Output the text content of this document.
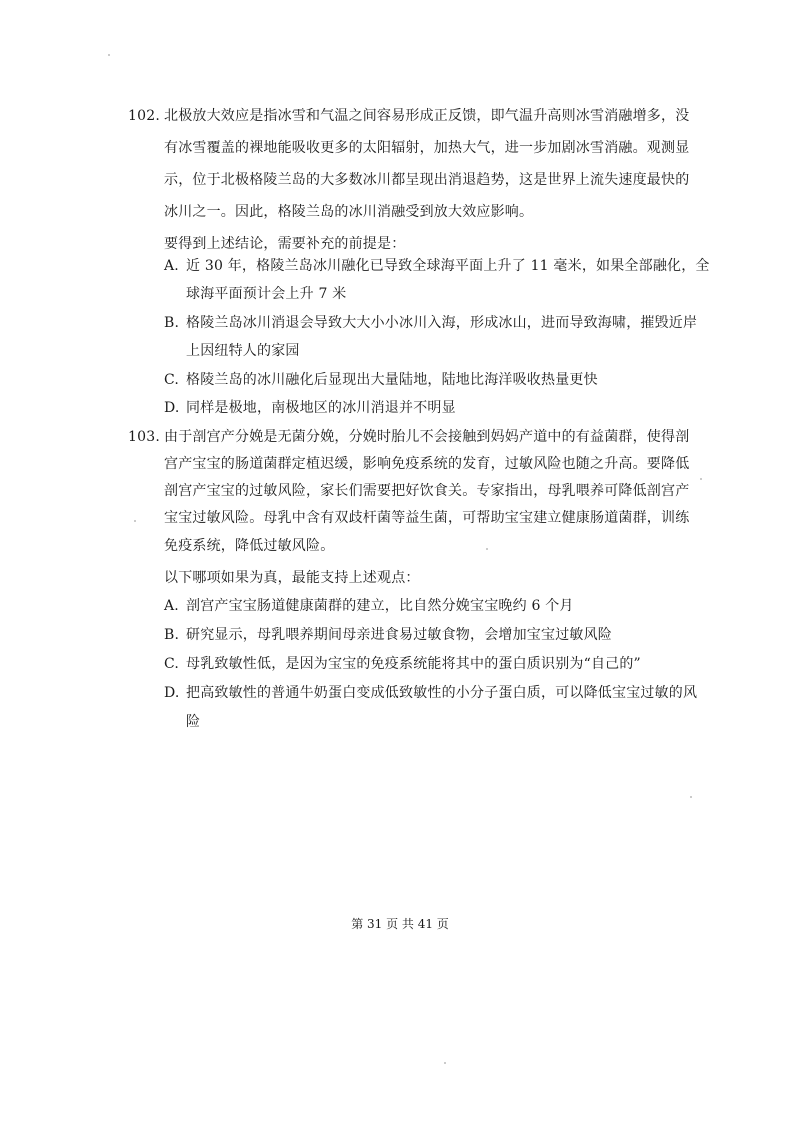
102. 北极放大效应是指冰雪和气温之间容易形成正反馈，即气温升高则冰雪消融增多，没
有冰雪覆盖的裸地能吸收更多的太阳辐射，加热大气，进一步加剧冰雪消融。观测显
示，位于北极格陵兰岛的大多数冰川都呈现出消退趋势，这是世界上流失速度最快的
冰川之一。因此，格陵兰岛的冰川消融受到放大效应影响。
要得到上述结论，需要补充的前提是：
A. 近 30 年，格陵兰岛冰川融化已导致全球海平面上升了 11 毫米，如果全部融化，全
球海平面预计会上升 7 米
B. 格陵兰岛冰川消退会导致大大小小冰川入海，形成冰山，进而导致海啸，摧毁近岸
上因纽特人的家园
C. 格陵兰岛的冰川融化后显现出大量陆地，陆地比海洋吸收热量更快
D. 同样是极地，南极地区的冰川消退并不明显
103. 由于剖宫产分娩是无菌分娩，分娩时胎儿不会接触到妈妈产道中的有益菌群，使得剖
宫产宝宝的肠道菌群定植迟缓，影响免疫系统的发育，过敏风险也随之升高。要降低
剖宫产宝宝的过敏风险，家长们需要把好饮食关。专家指出，母乳喂养可降低剖宫产
宝宝过敏风险。母乳中含有双歧杆菌等益生菌，可帮助宝宝建立健康肠道菌群，训练
免疫系统，降低过敏风险。
以下哪项如果为真，最能支持上述观点：
A. 剖宫产宝宝肠道健康菌群的建立，比自然分娩宝宝晚约 6 个月
B. 研究显示，母乳喂养期间母亲进食易过敏食物，会增加宝宝过敏风险
C. 母乳致敏性低，是因为宝宝的免疫系统能将其中的蛋白质识别为“自己的”
D. 把高致敏性的普通牛奶蛋白变成低致敏性的小分子蛋白质，可以降低宝宝过敏的风
险
第 31 页 共 41 页
